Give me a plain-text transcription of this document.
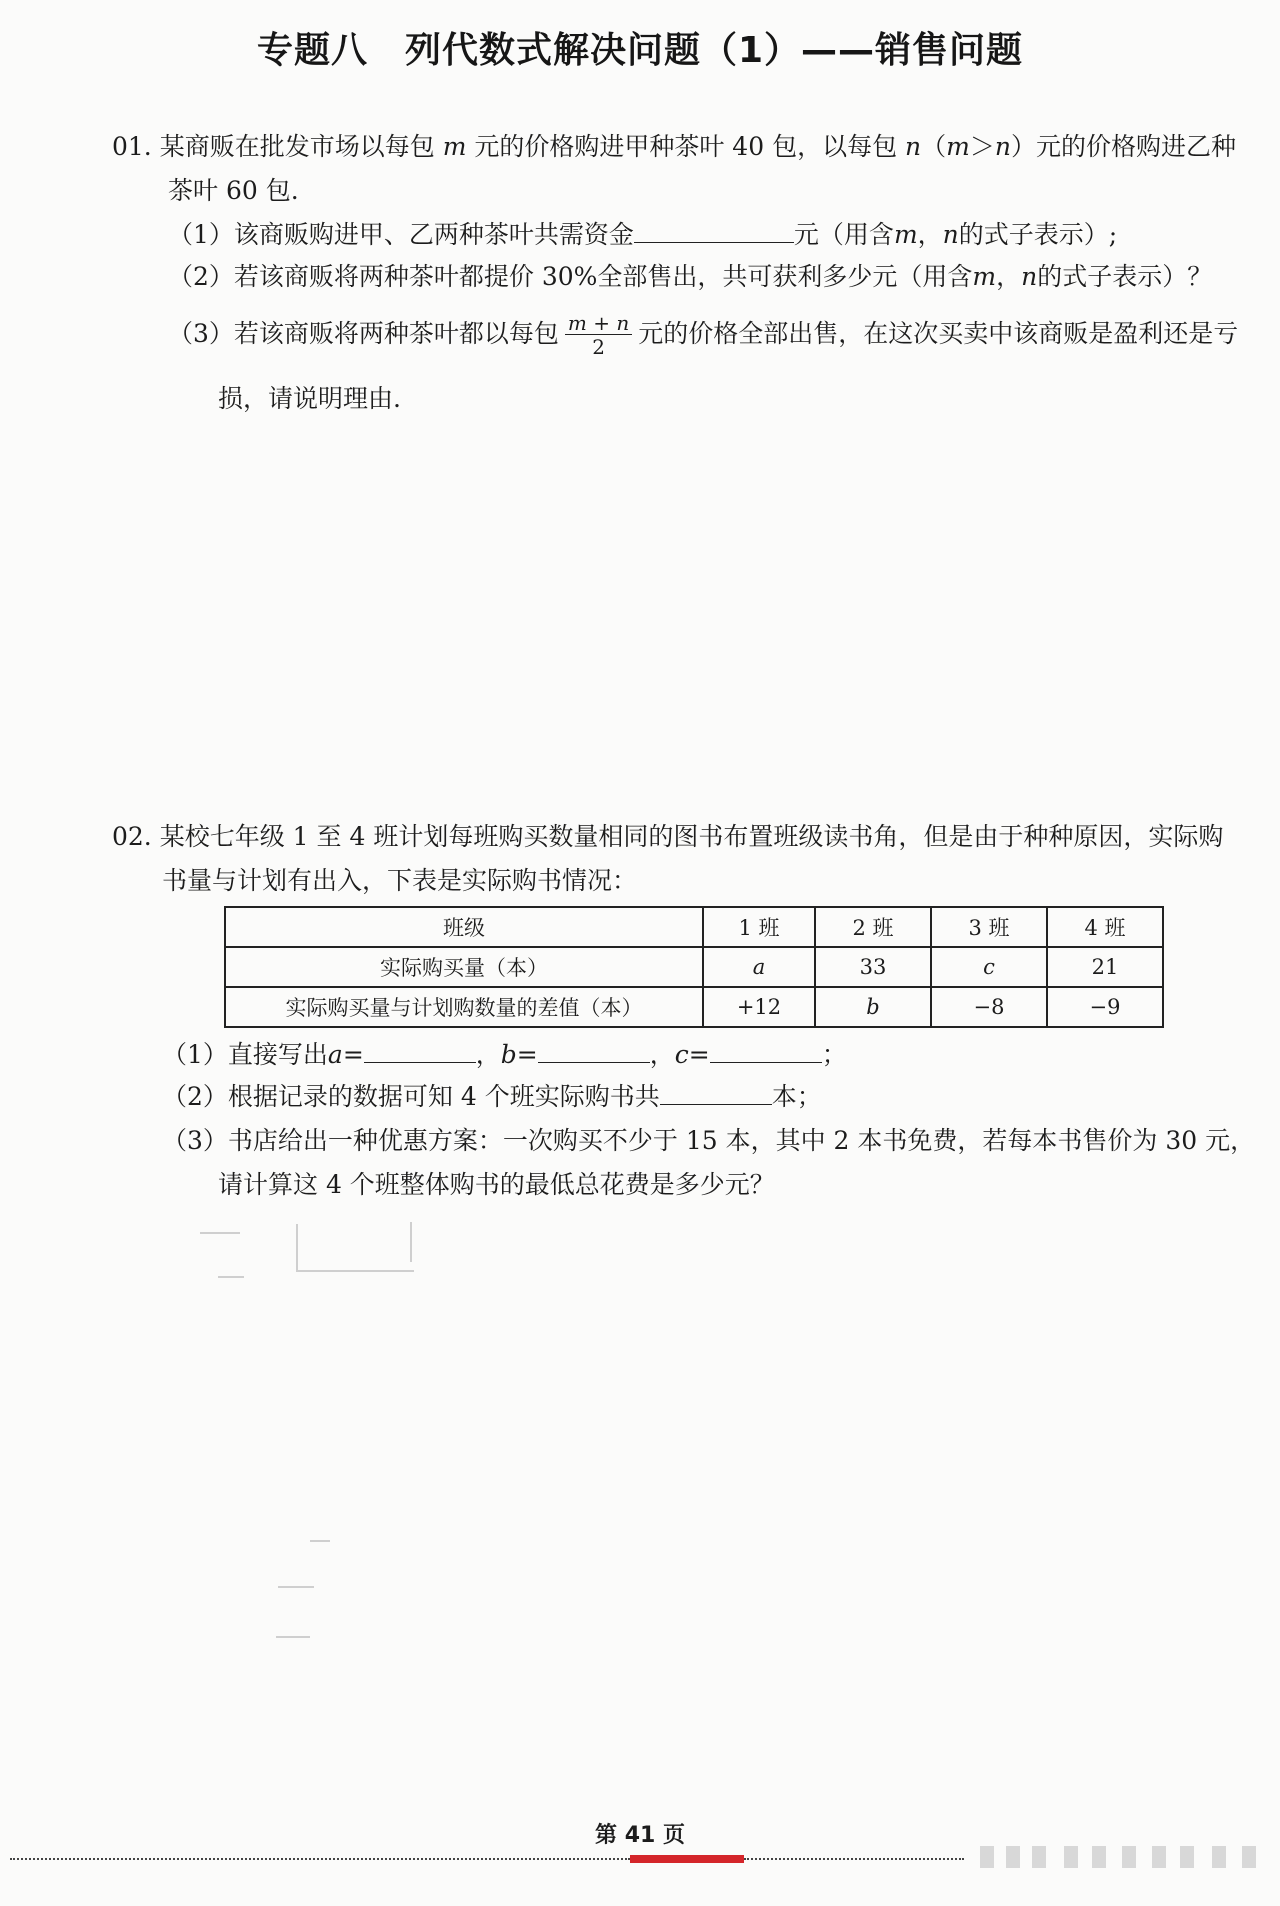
专题八　列代数式解决问题（1）——销售问题
01. 某商贩在批发市场以每包 m 元的价格购进甲种茶叶 40 包，以每包 n（m＞n）元的价格购进乙种
茶叶 60 包.
（1）该商贩购进甲、乙两种茶叶共需资金	元（用含m，n的式子表示）;
（2）若该商贩将两种茶叶都提价 30%全部售出，共可获利多少元（用含m，n的式子表示）？
（3）若该商贩将两种茶叶都以每包 $\frac{m + n}{2}$ 元的价格全部出售，在这次买卖中该商贩是盈利还是亏
损，请说明理由.
02. 某校七年级 1 至 4 班计划每班购买数量相同的图书布置班级读书角，但是由于种种原因，实际购
书量与计划有出入，下表是实际购书情况：
班级	1 班	2 班	3 班	4 班
实际购买量（本）	a	33	c	21
实际购买量与计划购数量的差值（本）	+12	b	−8	−9
（1）直接写出a=	，b=	，c=	；
（2）根据记录的数据可知 4 个班实际购书共	本；
（3）书店给出一种优惠方案：一次购买不少于 15 本，其中 2 本书免费，若每本书售价为 30 元，
请计算这 4 个班整体购书的最低总花费是多少元？
第 41 页
